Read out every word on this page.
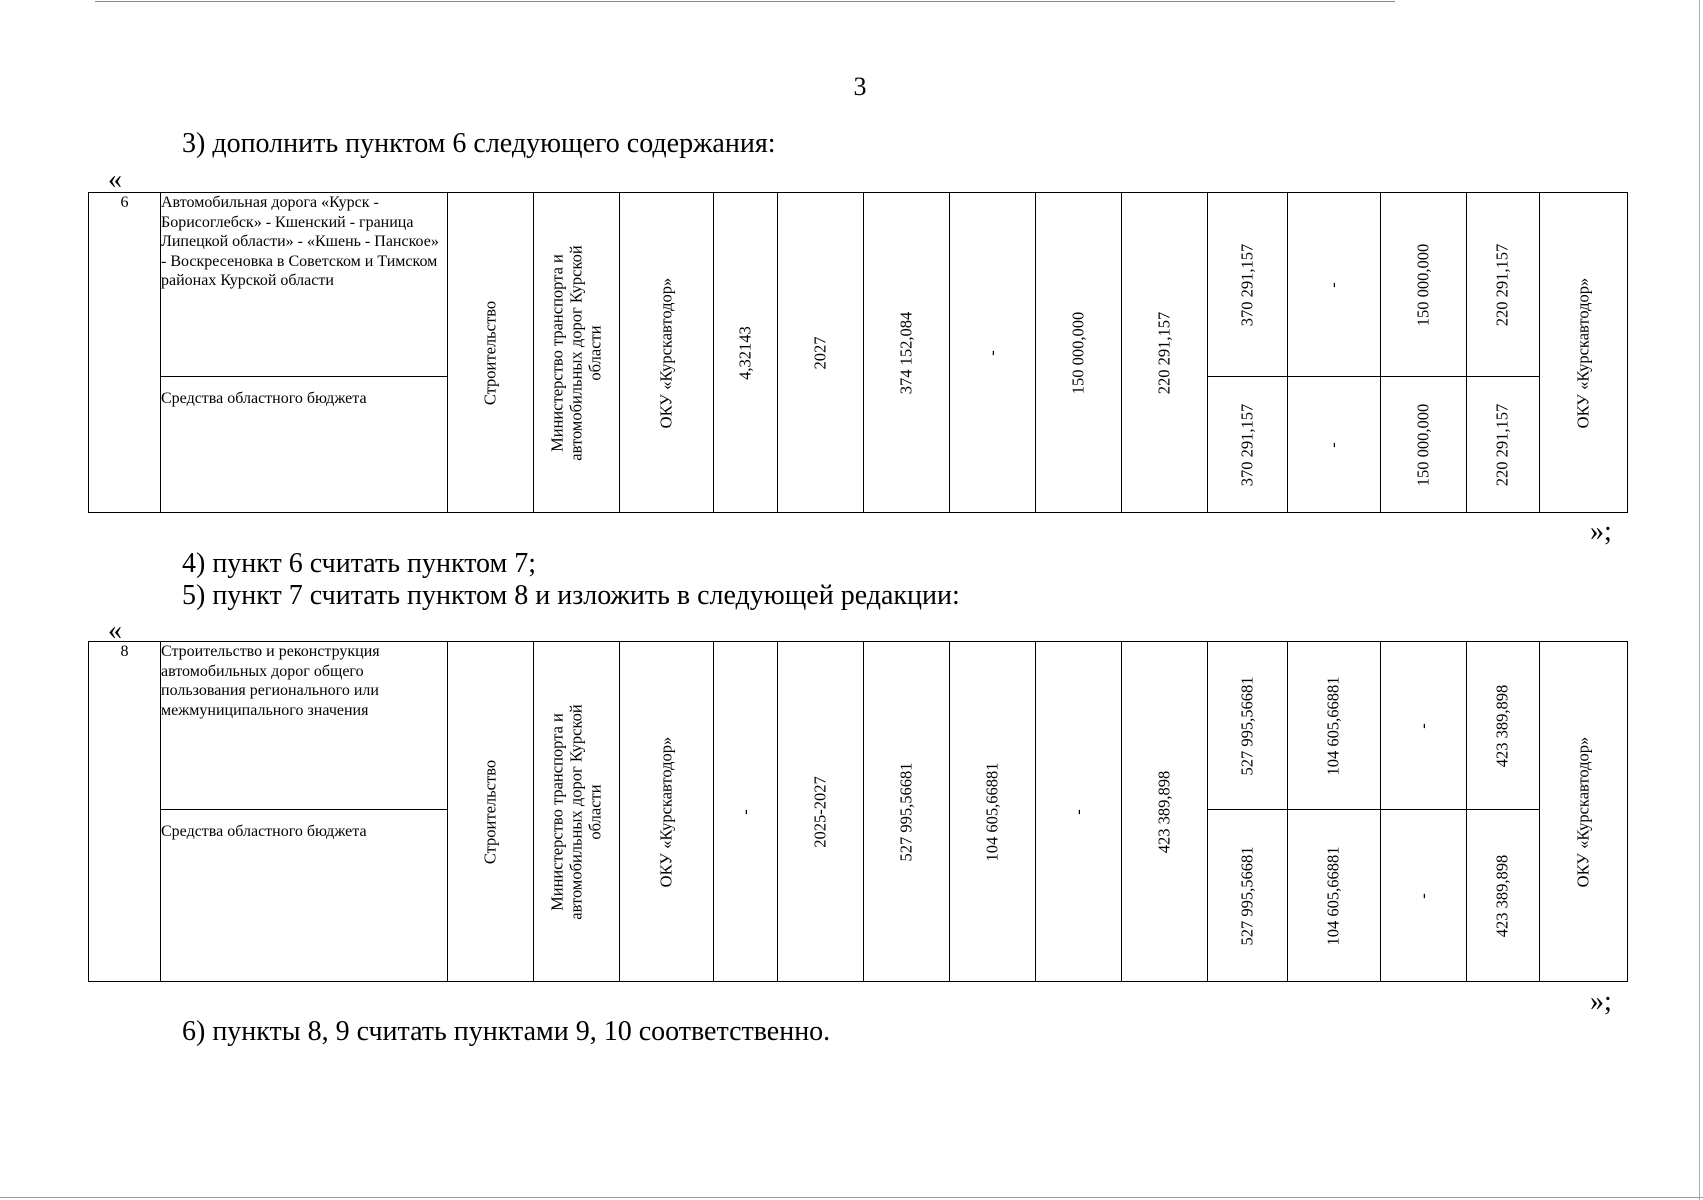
3
3) дополнить пунктом 6 следующего содержания:
«
6	Автомобильная дорога «Курск - Борисоглебск» - Кшенский - граница Липецкой области» - «Кшень - Панское» - Воскресеновка в Советском и Тимском районах Курской области	Строительство	Министерство транспорта и автомобильных дорог Курской области	ОКУ «Курскавтодор»	4,32143	2027	374 152,084	-	150 000,000	220 291,157	370 291,157	-	150 000,000	220 291,157	ОКУ «Курскавтодор»

	Средства областного бюджета										370 291,157	-	150 000,000	220 291,157	
»;
4) пункт 6 считать пунктом 7;
5) пункт 7 считать пунктом 8 и изложить в следующей редакции:
«
8	Строительство и реконструкция автомобильных дорог общего пользования регионального или межмуниципального значения	Строительство	Министерство транспорта и автомобильных дорог Курской области	ОКУ «Курскавтодор»	-	2025-2027	527 995,56681	104 605,66881	-	423 389,898	527 995,56681	104 605,66881	-	423 389,898	ОКУ «Курскавтодор»

	Средства областного бюджета										527 995,56681	104 605,66881	-	423 389,898	
»;
6) пункты 8, 9 считать пунктами 9, 10 соответственно.
